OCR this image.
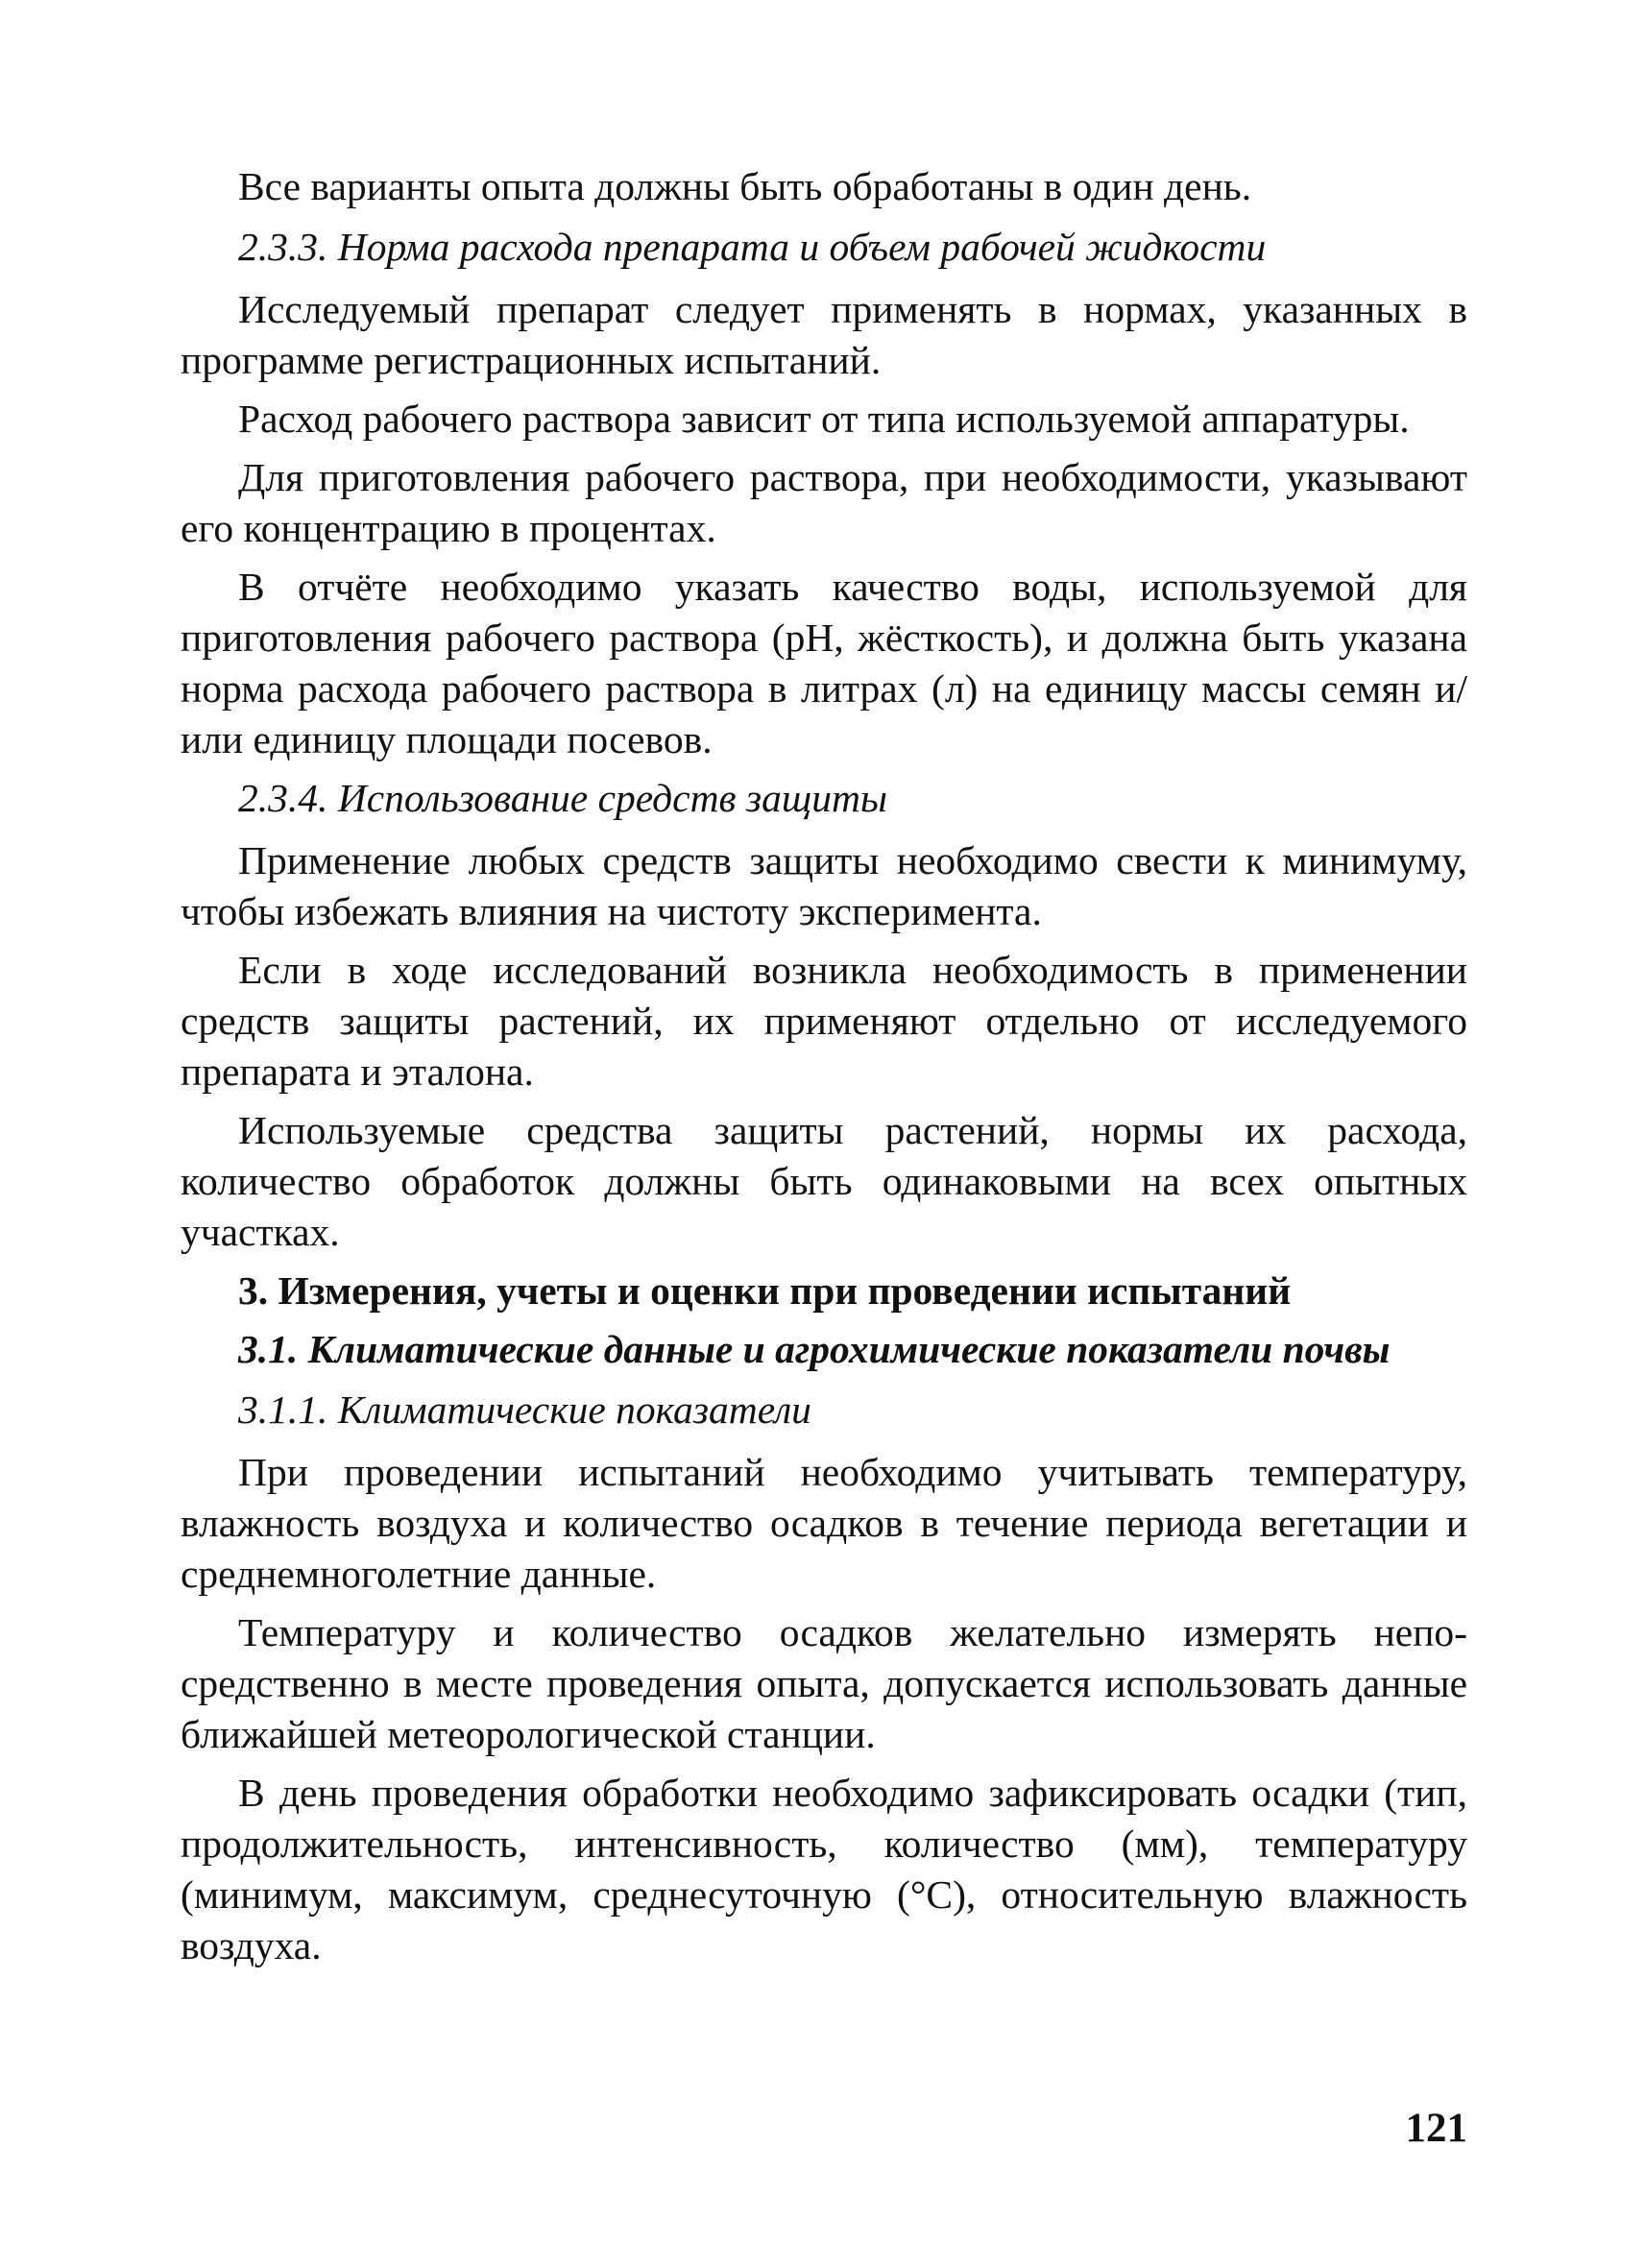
Все варианты опыта должны быть обработаны в один день.
2.3.3. Норма расхода препарата и объем рабочей жидкости
Исследуемый препарат следует применять в нормах, указанных в программе регистрационных испытаний.
Расход рабочего раствора зависит от типа используемой аппаратуры.
Для приготовления рабочего раствора, при необходимости, указывают его концентрацию в процентах.
В отчёте необходимо указать качество воды, используемой для приготовления рабочего раствора (рН, жёсткость), и должна быть указана норма расхода рабочего раствора в литрах (л) на единицу массы семян и/или единицу площади посевов.
2.3.4. Использование средств защиты
Применение любых средств защиты необходимо свести к минимуму, чтобы избежать влияния на чистоту эксперимента.
Если в ходе исследований возникла необходимость в применении средств защиты растений, их применяют отдельно от исследуемого препарата и эталона.
Используемые средства защиты растений, нормы их расхода, количество обработок должны быть одинаковыми на всех опытных участках.
3. Измерения, учеты и оценки при проведении испытаний
3.1. Климатические данные и агрохимические показатели почвы
3.1.1. Климатические показатели
При проведении испытаний необходимо учитывать температуру, влажность воздуха и количество осадков в течение периода вегетации и среднемноголетние данные.
Температуру и количество осадков желательно измерять непосредственно в месте проведения опыта, допускается использовать данные ближайшей метеорологической станции.
В день проведения обработки необходимо зафиксировать осадки (тип, продолжительность, интенсивность, количество (мм), температуру (минимум, максимум, среднесуточную (°С), относительную влажность воздуха.
121
